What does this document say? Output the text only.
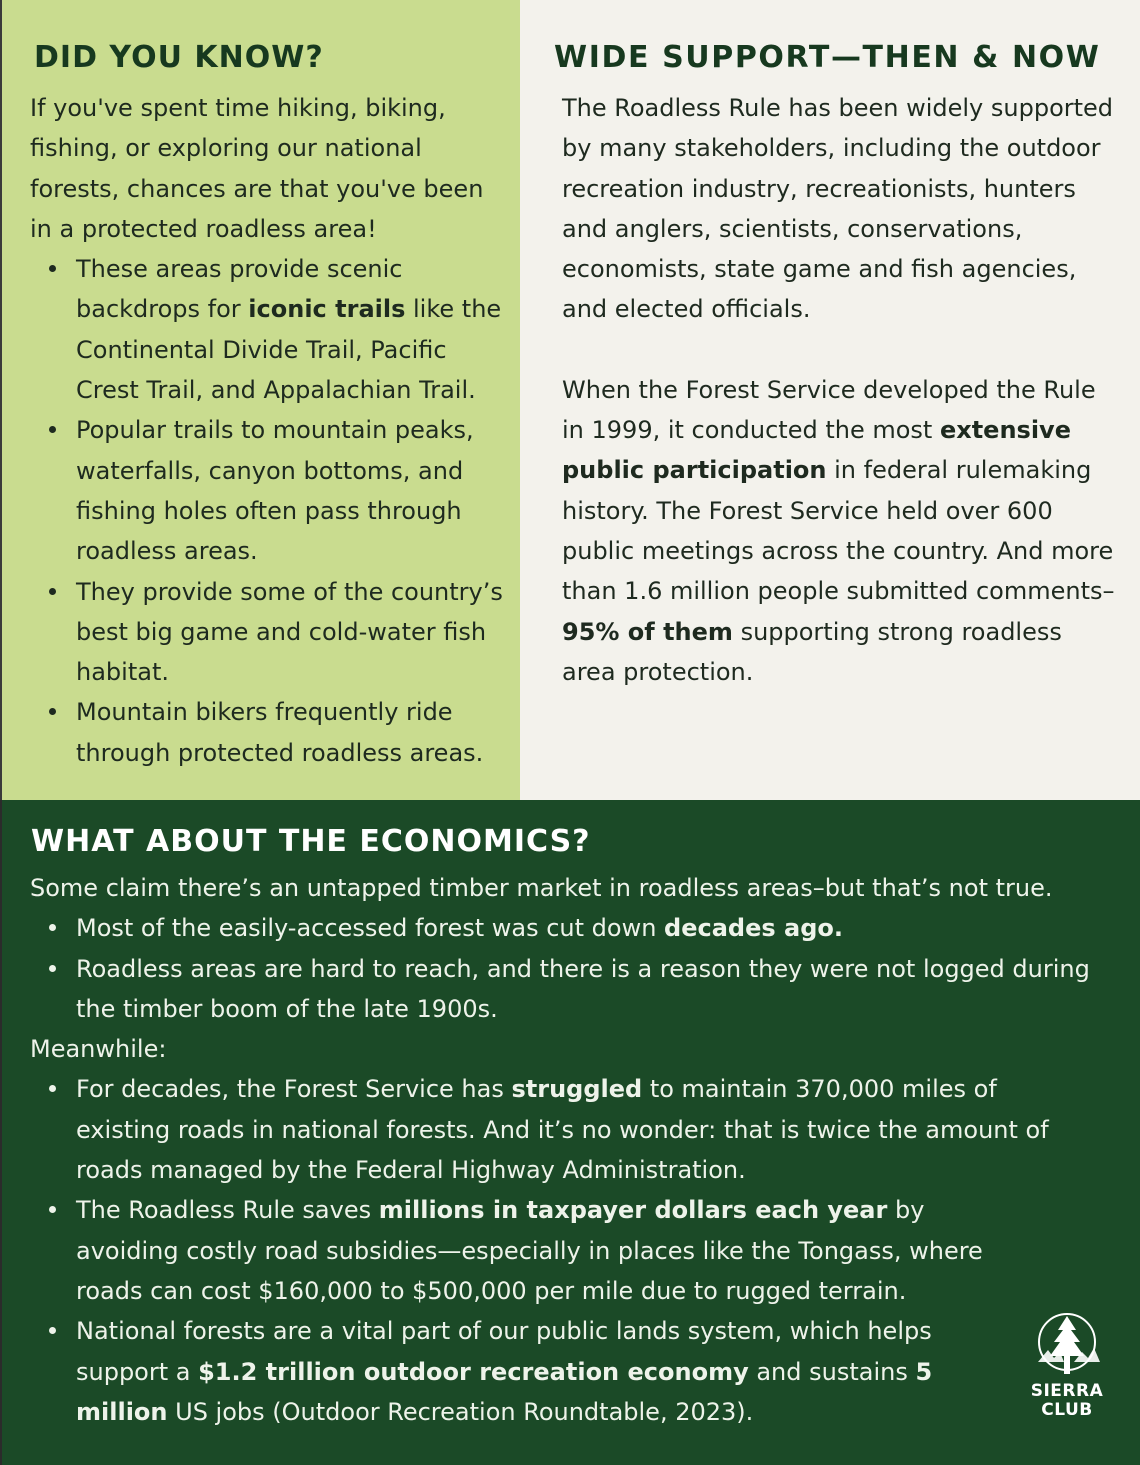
DID YOU KNOW?

If you've spent time hiking, biking, fishing, or exploring our national forests, chances are that you've been in a protected roadless area!

These areas provide scenic backdrops for iconic trails like the Continental Divide Trail, Pacific Crest Trail, and Appalachian Trail.
Popular trails to mountain peaks, waterfalls, canyon bottoms, and fishing holes often pass through roadless areas.
They provide some of the country’s best big game and cold-water fish habitat.
Mountain bikers frequently ride through protected roadless areas.
WIDE SUPPORT—THEN & NOW

The Roadless Rule has been widely supported by many stakeholders, including the outdoor recreation industry, recreationists, hunters and anglers, scientists, conservations, economists, state game and fish agencies, and elected officials.

When the Forest Service developed the Rule in 1999, it conducted the most extensive public participation in federal rulemaking history. The Forest Service held over 600 public meetings across the country. And more than 1.6 million people submitted comments– 95% of them supporting strong roadless area protection.

WHAT ABOUT THE ECONOMICS?

Some claim there’s an untapped timber market in roadless areas–but that’s not true.

Most of the easily-accessed forest was cut down decades ago.
Roadless areas are hard to reach, and there is a reason they were not logged during the timber boom of the late 1900s.

Meanwhile:

For decades, the Forest Service has struggled to maintain 370,000 miles of existing roads in national forests. And it’s no wonder: that is twice the amount of roads managed by the Federal Highway Administration.
The Roadless Rule saves millions in taxpayer dollars each year by avoiding costly road subsidies—especially in places like the Tongass, where roads can cost $160,000 to $500,000 per mile due to rugged terrain.
National forests are a vital part of our public lands system, which helps support a $1.2 trillion outdoor recreation economy and sustains 5 million US jobs (Outdoor Recreation Roundtable, 2023).
SIERRA
CLUB
